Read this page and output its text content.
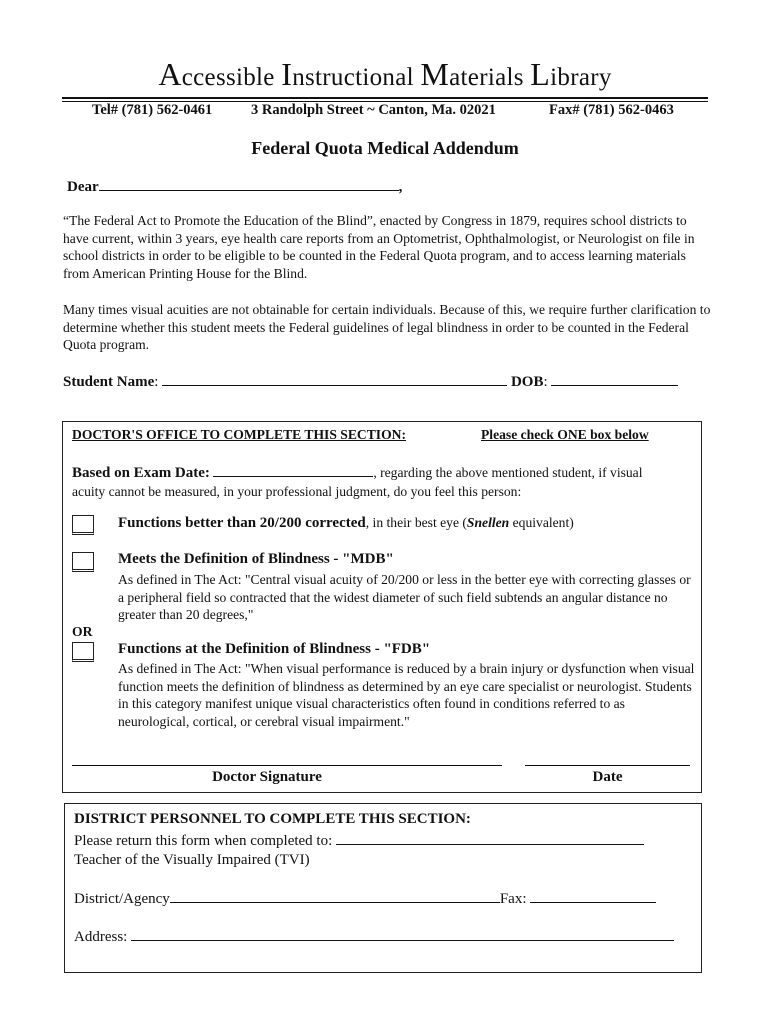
Accessible Instructional Materials Library
Tel# (781) 562-0461	3 Randolph Street ~ Canton, Ma. 02021	Fax# (781) 562-0463
Federal Quota Medical Addendum
Dear	,
“The Federal Act to Promote the Education of the Blind”, enacted by Congress in 1879, requires school districts to have current, within 3 years, eye health care reports from an Optometrist, Ophthalmologist, or Neurologist on file in school districts in order to be eligible to be counted in the Federal Quota program, and to access learning materials from American Printing House for the Blind.
Many times visual acuities are not obtainable for certain individuals. Because of this, we require further clarification to determine whether this student meets the Federal guidelines of legal blindness in order to be counted in the Federal Quota program.
Student Name:	DOB:
DOCTOR'S OFFICE TO COMPLETE THIS SECTION:	Please check ONE box below
Based on Exam Date:	, regarding the above mentioned student, if visual
acuity cannot be measured, in your professional judgment, do you feel this person:
Functions better than 20/200 corrected, in their best eye (Snellen equivalent)
Meets the Definition of Blindness - "MDB"
As defined in The Act: "Central visual acuity of 20/200 or less in the better eye with correcting glasses or a peripheral field so contracted that the widest diameter of such field subtends an angular distance no greater than 20 degrees,"
OR
Functions at the Definition of Blindness - "FDB"
As defined in The Act: "When visual performance is reduced by a brain injury or dysfunction when visual function meets the definition of blindness as determined by an eye care specialist or neurologist. Students in this category manifest unique visual characteristics often found in conditions referred to as neurological, cortical, or cerebral visual impairment."
Doctor Signature	Date
DISTRICT PERSONNEL TO COMPLETE THIS SECTION:
Please return this form when completed to:
Teacher of the Visually Impaired (TVI)
District/Agency	Fax:
Address:
